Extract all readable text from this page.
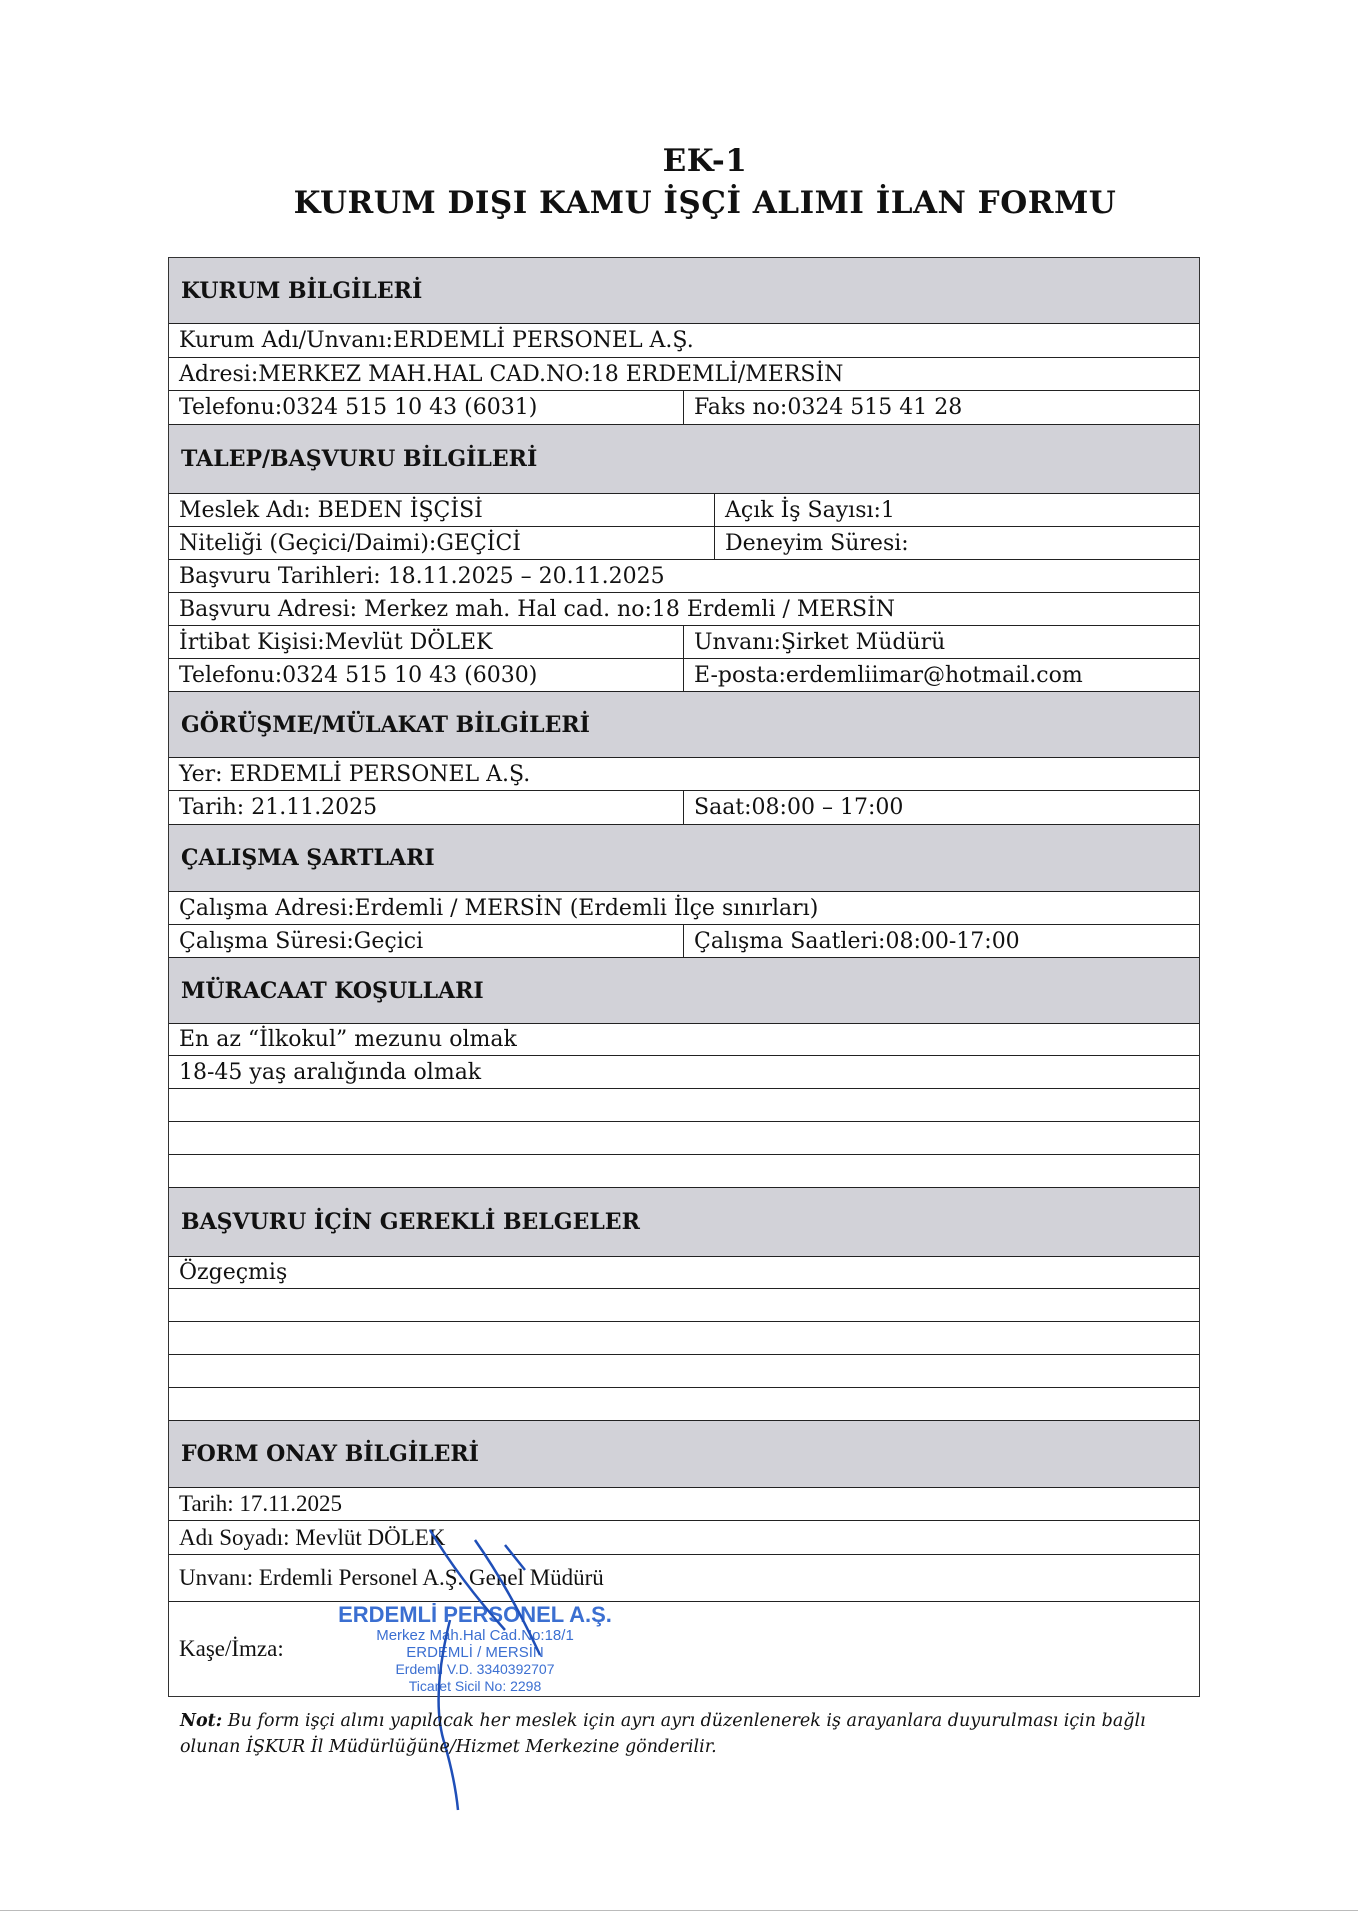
EK-1
KURUM DIŞI KAMU İŞÇİ ALIMI İLAN FORMU
KURUM BİLGİLERİ
Kurum Adı/Unvanı:ERDEMLİ PERSONEL A.Ş.
Adresi:MERKEZ MAH.HAL CAD.NO:18 ERDEMLİ/MERSİN
Telefonu:0324 515 10 43 (6031)	Faks no:0324 515 41 28
TALEP/BAŞVURU BİLGİLERİ
Meslek Adı: BEDEN İŞÇİSİ	Açık İş Sayısı:1
Niteliği (Geçici/Daimi):GEÇİCİ	Deneyim Süresi:
Başvuru Tarihleri: 18.11.2025 – 20.11.2025
Başvuru Adresi: Merkez mah. Hal cad. no:18 Erdemli / MERSİN
İrtibat Kişisi:Mevlüt DÖLEK	Unvanı:Şirket Müdürü
Telefonu:0324 515 10 43 (6030)	E-posta:erdemliimar@hotmail.com
GÖRÜŞME/MÜLAKAT BİLGİLERİ
Yer: ERDEMLİ PERSONEL A.Ş.
Tarih: 21.11.2025	Saat:08:00 – 17:00
ÇALIŞMA ŞARTLARI
Çalışma Adresi:Erdemli / MERSİN (Erdemli İlçe sınırları)
Çalışma Süresi:Geçici	Çalışma Saatleri:08:00-17:00
MÜRACAAT KOŞULLARI
En az “İlkokul” mezunu olmak
18-45 yaş aralığında olmak
BAŞVURU İÇİN GEREKLİ BELGELER
Özgeçmiş
FORM ONAY BİLGİLERİ
Tarih: 17.11.2025
Adı Soyadı: Mevlüt DÖLEK
Unvanı: Erdemli Personel A.Ş. Genel Müdürü
Kaşe/İmza:
ERDEMLİ PERSONEL A.Ş.
Merkez Mah.Hal Cad.No:18/1
ERDEMLİ / MERSİN
Erdemli V.D. 3340392707
Ticaret Sicil No: 2298
Not: Bu form işçi alımı yapılacak her meslek için ayrı ayrı düzenlenerek iş arayanlara duyurulması için bağlı
olunan İŞKUR İl Müdürlüğüne/Hizmet Merkezine gönderilir.
